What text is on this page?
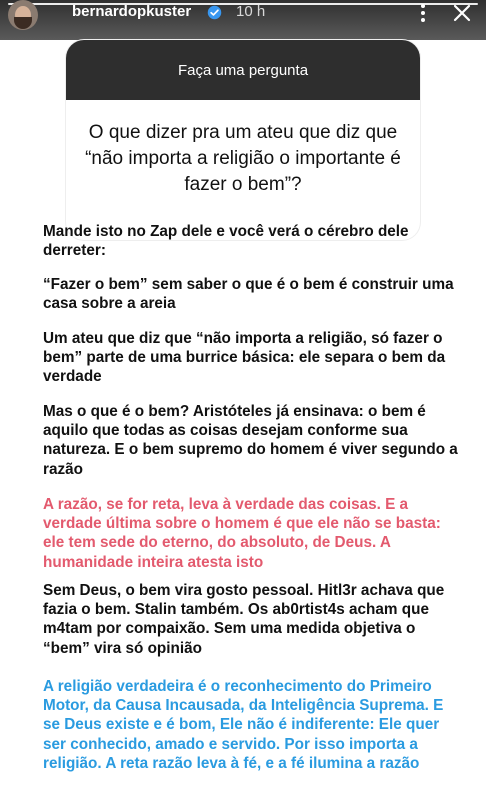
bernardopkuster	10 h
Faça uma pergunta
O que dizer pra um ateu que diz que “não importa a religião o importante é fazer o bem”?

Mande isto no Zap dele e você verá o cérebro dele derreter:

“Fazer o bem” sem saber o que é o bem é construir uma casa sobre a areia

Um ateu que diz que “não importa a religião, só fazer o bem” parte de uma burrice básica: ele separa o bem da verdade

Mas o que é o bem? Aristóteles já ensinava: o bem é aquilo que todas as coisas desejam conforme sua natureza. E o bem supremo do homem é viver segundo a razão

A razão, se for reta, leva à verdade das coisas. E a verdade última sobre o homem é que ele não se basta: ele tem sede do eterno, do absoluto, de Deus. A humanidade inteira atesta isto

Sem Deus, o bem vira gosto pessoal. Hitl3r achava que fazia o bem. Stalin também. Os ab0rtist4s acham que m4tam por compaixão. Sem uma medida objetiva o “bem” vira só opinião

A religião verdadeira é o reconhecimento do Primeiro Motor, da Causa Incausada, da Inteligência Suprema. E se Deus existe e é bom, Ele não é indiferente: Ele quer ser conhecido, amado e servido. Por isso importa a religião. A reta razão leva à fé, e a fé ilumina a razão
